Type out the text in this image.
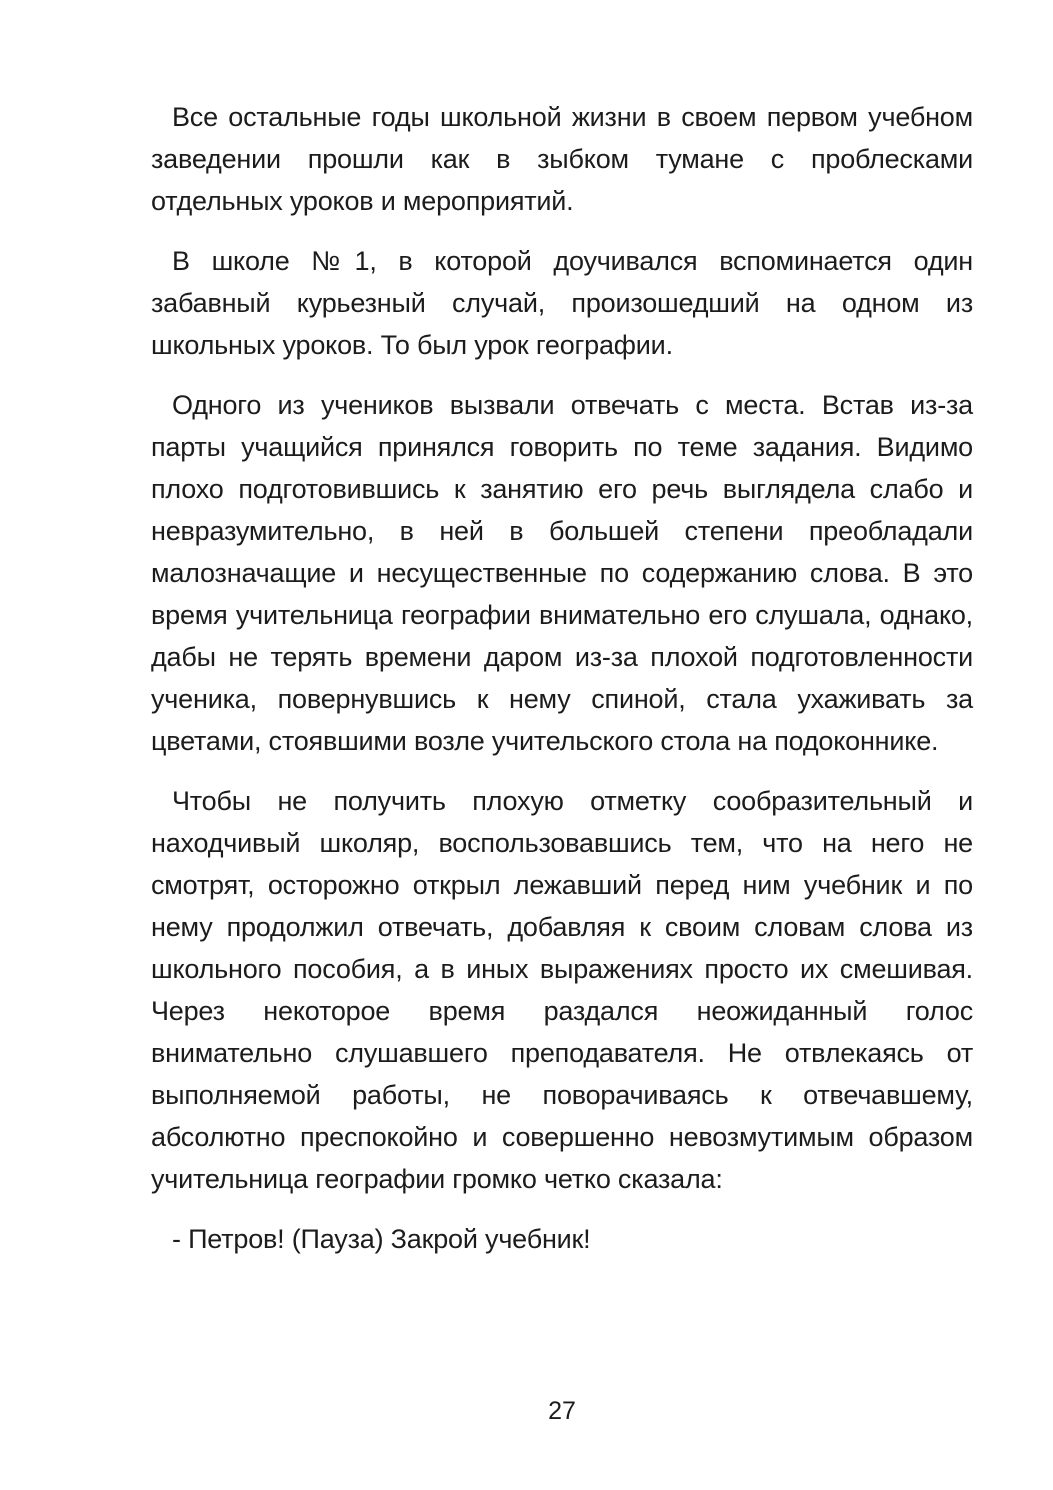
Все остальные годы школьной жизни в своем первом учебном заведении прошли как в зыбком тумане с проблесками отдельных уроков и мероприятий.

В школе №1, в которой доучивался вспоминается один забавный курьезный случай, произошедший на одном из школьных уроков. То был урок географии.

Одного из учеников вызвали отвечать с места. Встав из-за парты учащийся принялся говорить по теме задания. Видимо плохо подготовившись к занятию его речь выглядела слабо и невразумительно, в ней в большей степени преобладали малозначащие и несущественные по содержанию слова. В это время учительница географии внимательно его слушала, однако, дабы не терять времени даром из-за плохой подготовленности ученика, повернувшись к нему спиной, стала ухаживать за цветами, стоявшими возле учительского стола на подоконнике.

Чтобы не получить плохую отметку сообразительный и находчивый школяр, воспользовавшись тем, что на него не смотрят, осторожно открыл лежавший перед ним учебник и по нему продолжил отвечать, добавляя к своим словам слова из школьного пособия, а в иных выражениях просто их смешивая. Через некоторое время раздался неожиданный голос внимательно слушавшего преподавателя. Не отвлекаясь от выполняемой работы, не поворачиваясь к отвечавшему, абсолютно преспокойно и совершенно невозмутимым образом учительница географии громко четко сказала:

- Петров! (Пауза) Закрой учебник!

27
